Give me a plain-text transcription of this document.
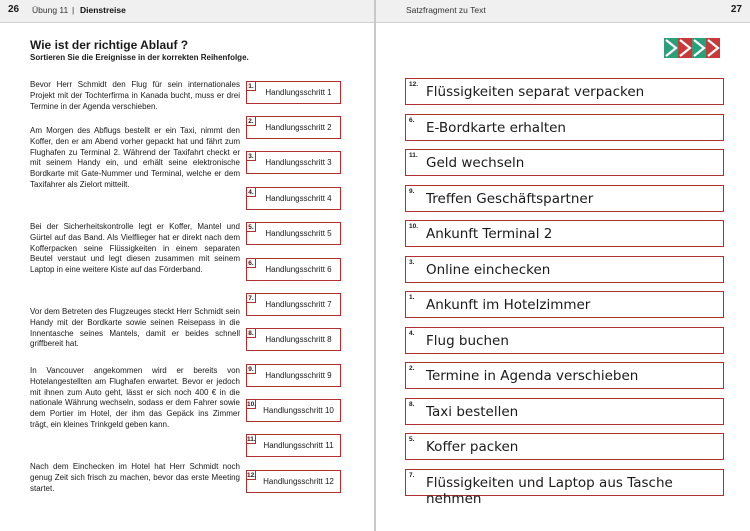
26 Übung 11 | Dienstreise
Wie ist der richtige Ablauf ?
Sortieren Sie die Ereignisse in der korrekten Reihenfolge.
Bevor Herr Schmidt den Flug für sein internationales Projekt mit der Tochterfirma in Kanada bucht, muss er drei Termine in der Agenda verschieben.
Am Morgen des Abflugs bestellt er ein Taxi, nimmt den Koffer, den er am Abend vorher gepackt hat und fährt zum Flughafen zu Terminal 2. Während der Taxifahrt checkt er mit seinem Handy ein, und erhält seine elektronische Bordkarte mit Gate-Nummer und Terminal, welche er dem Taxifahrer als Zielort mitteilt.
Bei der Sicherheitskontrolle legt er Koffer, Mantel und Gürtel auf das Band. Als Vielflieger hat er direkt nach dem Kofferpacken seine Flüssigkeiten in einem separaten Beutel verstaut und legt diesen zusammen mit seinem Laptop in eine weitere Kiste auf das Förderband.
Vor dem Betreten des Flugzeuges steckt Herr Schmidt sein Handy mit der Bordkarte sowie seinen Reisepass in die Innentasche seines Mantels, damit er beides schnell griffbereit hat.
In Vancouver angekommen wird er bereits von Hotelangestellten am Flughafen erwartet. Bevor er jedoch mit ihnen zum Auto geht, lässt er sich noch 400 € in die nationale Währung wechseln, sodass er dem Fahrer sowie dem Portier im Hotel, der ihm das Gepäck ins Zimmer trägt, ein kleines Trinkgeld geben kann.
Nach dem Einchecken im Hotel hat Herr Schmidt noch genug Zeit sich frisch zu machen, bevor das erste Meeting startet.
1.
Handlungsschritt 1
2.
Handlungsschritt 2
3.
Handlungsschritt 3
4.
Handlungsschritt 4
5.
Handlungsschritt 5
6.
Handlungsschritt 6
7.
Handlungsschritt 7
8.
Handlungsschritt 8
9.
Handlungsschritt 9
10.
Handlungsschritt 10
11.
Handlungsschritt 11
12.
Handlungsschritt 12
Satzfragment zu Text	27
12. Flüssigkeiten separat verpacken
6. E-Bordkarte erhalten
11. Geld wechseln
9. Treffen Geschäftspartner
10. Ankunft Terminal 2
3. Online einchecken
1. Ankunft im Hotelzimmer
4. Flug buchen
2. Termine in Agenda verschieben
8. Taxi bestellen
5. Koffer packen
7. Flüssigkeiten und Laptop aus Tasche nehmen
